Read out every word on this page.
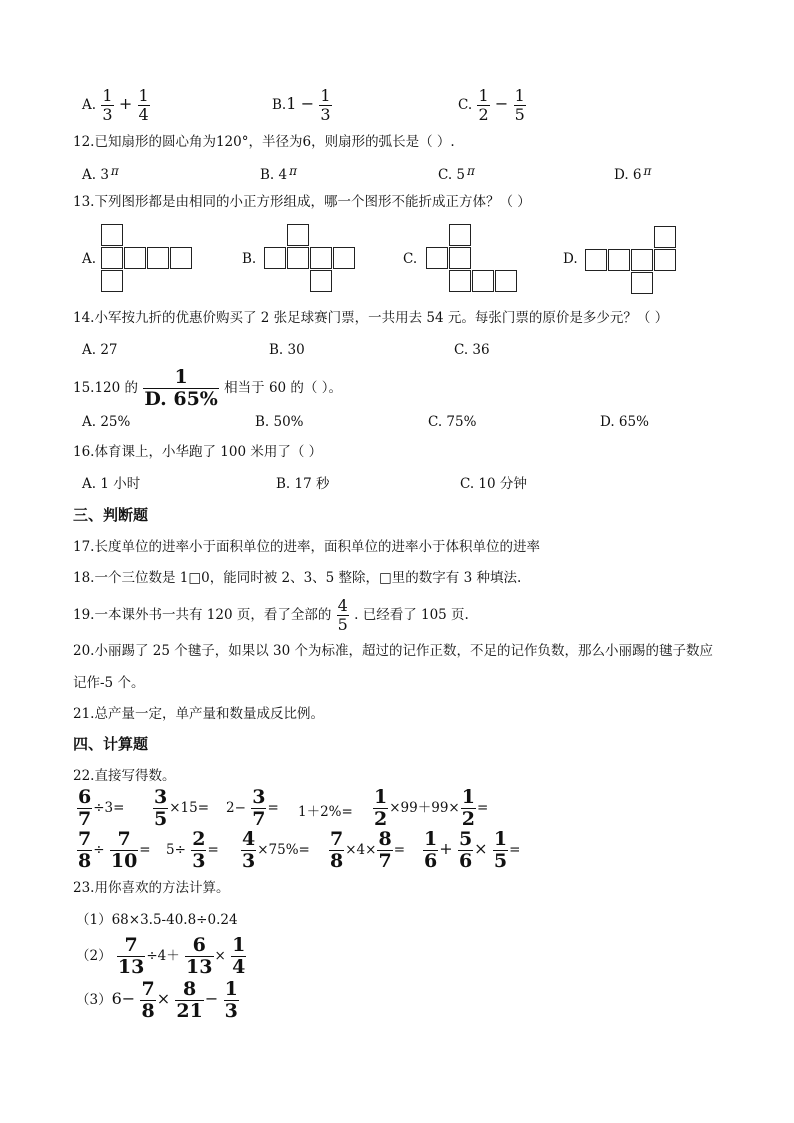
A. $\frac{1}{3} + \frac{1}{4}$	$B.1 - \frac{1}{3}$	C. $\frac{1}{2} - \frac{1}{5}$
12.已知扇形的圆心角为120°，半径为6，则扇形的弧长是（ ）.
A. 3 π	B. 4 π	C. 5 π	D. 6 π
13.下列图形都是由相同的小正方形组成，哪一个图形不能折成正方体？（ ）
A.	B.	C.	D.
14.小军按九折的优惠价购买了 2 张足球赛门票，一共用去 54 元。每张门票的原价是多少元？（ ）
A. 27	B. 30	C. 36
15.120 的 $\frac{1}{D. 65\%}$ 相当于 60 的（ ）。
A. 25%	B. 50%	C. 75%	D. 65%
16.体育课上，小华跑了 100 米用了（ ）
A. 1 小时	B. 17 秒	C. 10 分钟
三、判断题
17.长度单位的进率小于面积单位的进率，面积单位的进率小于体积单位的进率
18.一个三位数是 1□0，能同时被 2、3、5 整除，□里的数字有 3 种填法.
19.一本课外书一共有 120 页，看了全部的 $\frac{4}{5}$ . 已经看了 105 页.
20.小丽踢了 25 个毽子，如果以 30 个为标准，超过的记作正数，不足的记作负数，那么小丽踢的毽子数应
记作-5 个。
21.总产量一定，单产量和数量成反比例。
四、计算题
22.直接写得数。
$\frac{6}{7} \div 3= \frac{3}{5} \times 15= 2- \frac{3}{7} = 1+2\%= \frac{1}{2} \times 99+99\times \frac{1}{2}$ =
$\frac{7}{8} \div \frac{7}{10} = 5\div \frac{2}{3} = \frac{4}{3} \times 75\%= \frac{7}{8} \times 4\times \frac{8}{7} = \frac{1}{6} + \frac{5}{6} \times \frac{1}{5}$ =
23.用你喜欢的方法计算。
（1）68×3.5-40.8÷0.24
$(2) \frac{7}{13} \div 4+ \frac{6}{13} \times \frac{1}{4}$
$(3)6- \frac{7}{8} \times \frac{8}{21} - \frac{1}{3}$
